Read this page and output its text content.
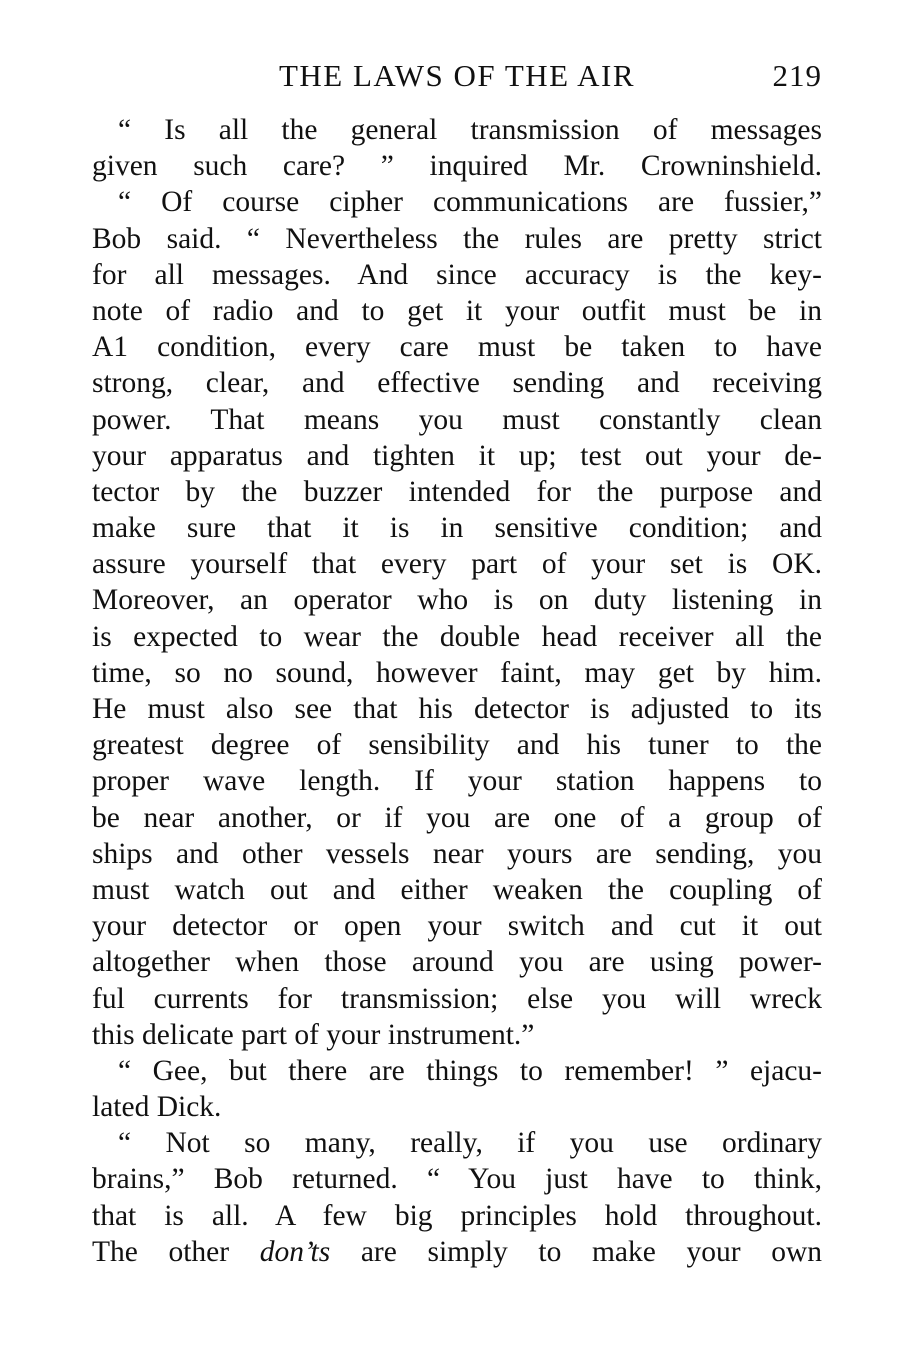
THE LAWS OF THE AIR	219
“ Is all the general transmission of messages
given such care? ” inquired Mr. Crowninshield.
“ Of course cipher communications are fussier,”
Bob said. “ Nevertheless the rules are pretty strict
for all messages. And since accuracy is the key-
note of radio and to get it your outfit must be in
A1 condition, every care must be taken to have
strong, clear, and effective sending and receiving
power. That means you must constantly clean
your apparatus and tighten it up; test out your de-
tector by the buzzer intended for the purpose and
make sure that it is in sensitive condition; and
assure yourself that every part of your set is OK.
Moreover, an operator who is on duty listening in
is expected to wear the double head receiver all the
time, so no sound, however faint, may get by him.
He must also see that his detector is adjusted to its
greatest degree of sensibility and his tuner to the
proper wave length. If your station happens to
be near another, or if you are one of a group of
ships and other vessels near yours are sending, you
must watch out and either weaken the coupling of
your detector or open your switch and cut it out
altogether when those around you are using power-
ful currents for transmission; else you will wreck
this delicate part of your instrument.”
“ Gee, but there are things to remember! ” ejacu-
lated Dick.
“ Not so many, really, if you use ordinary
brains,” Bob returned. “ You just have to think,
that is all. A few big principles hold throughout.
The other don’ts are simply to make your own
